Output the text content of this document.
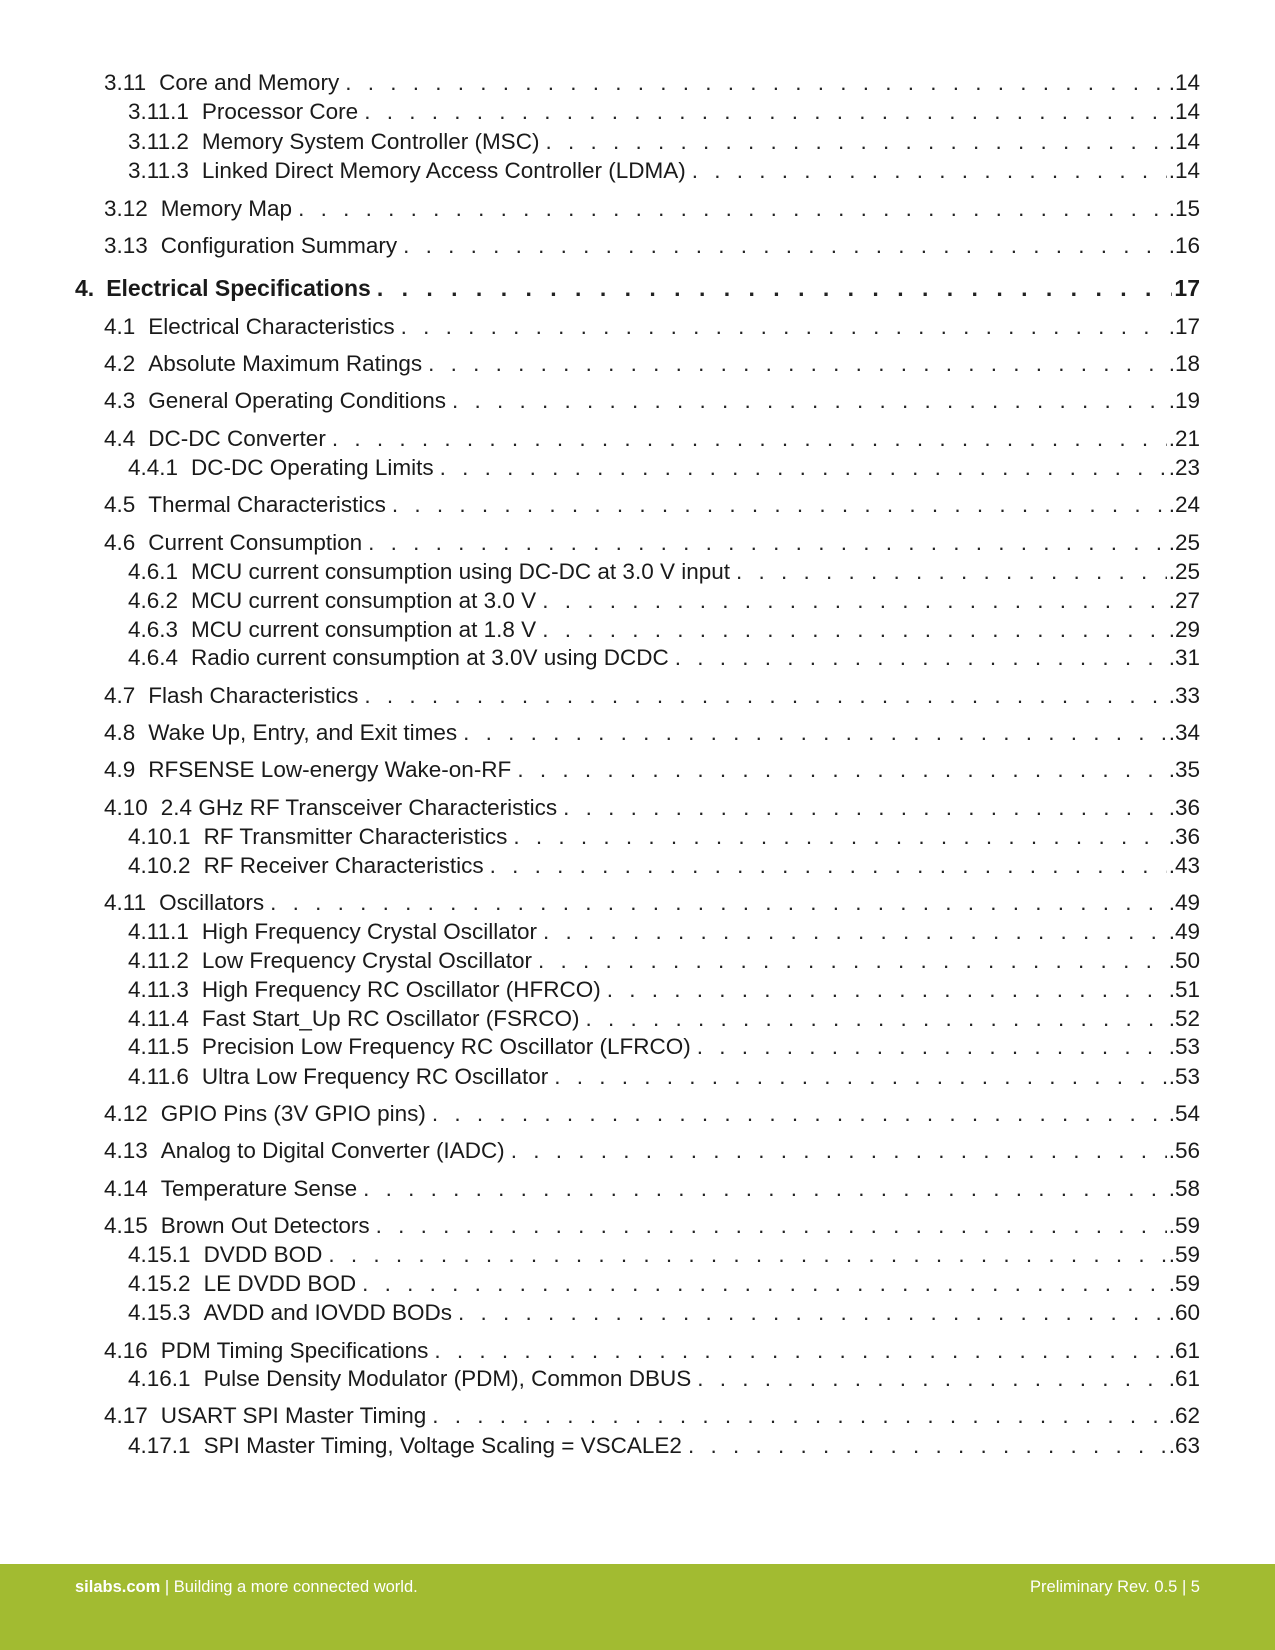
3.11 Core and Memory . . .	.14
3.11.1 Processor Core . . .	.14
3.11.2 Memory System Controller (MSC) . . .	.14
3.11.3 Linked Direct Memory Access Controller (LDMA) . . .	.14
3.12 Memory Map . . .	.15
3.13 Configuration Summary . . .	.16
4. Electrical Specifications . . .	17
4.1 Electrical Characteristics . . .	.17
4.2 Absolute Maximum Ratings . . .	.18
4.3 General Operating Conditions . . .	.19
4.4 DC-DC Converter . . .	.21
4.4.1 DC-DC Operating Limits . . .	.23
4.5 Thermal Characteristics . . .	.24
4.6 Current Consumption . . .	.25
4.6.1 MCU current consumption using DC-DC at 3.0 V input . . .	.25
4.6.2 MCU current consumption at 3.0 V . . .	.27
4.6.3 MCU current consumption at 1.8 V . . .	.29
4.6.4 Radio current consumption at 3.0V using DCDC . . .	.31
4.7 Flash Characteristics . . .	.33
4.8 Wake Up, Entry, and Exit times . . .	.34
4.9 RFSENSE Low-energy Wake-on-RF . . .	.35
4.10 2.4 GHz RF Transceiver Characteristics . . .	.36
4.10.1 RF Transmitter Characteristics . . .	.36
4.10.2 RF Receiver Characteristics . . .	.43
4.11 Oscillators . . .	.49
4.11.1 High Frequency Crystal Oscillator . . .	.49
4.11.2 Low Frequency Crystal Oscillator . . .	.50
4.11.3 High Frequency RC Oscillator (HFRCO) . . .	.51
4.11.4 Fast Start_Up RC Oscillator (FSRCO) . . .	.52
4.11.5 Precision Low Frequency RC Oscillator (LFRCO) . . .	.53
4.11.6 Ultra Low Frequency RC Oscillator . . .	.53
4.12 GPIO Pins (3V GPIO pins) . . .	.54
4.13 Analog to Digital Converter (IADC) . . .	.56
4.14 Temperature Sense . . .	.58
4.15 Brown Out Detectors . . .	.59
4.15.1 DVDD BOD . . .	.59
4.15.2 LE DVDD BOD . . .	.59
4.15.3 AVDD and IOVDD BODs . . .	.60
4.16 PDM Timing Specifications . . .	.61
4.16.1 Pulse Density Modulator (PDM), Common DBUS . . .	.61
4.17 USART SPI Master Timing . . .	.62
4.17.1 SPI Master Timing, Voltage Scaling = VSCALE2 . . .	.63
silabs.com | Building a more connected world.	Preliminary Rev. 0.5 | 5
